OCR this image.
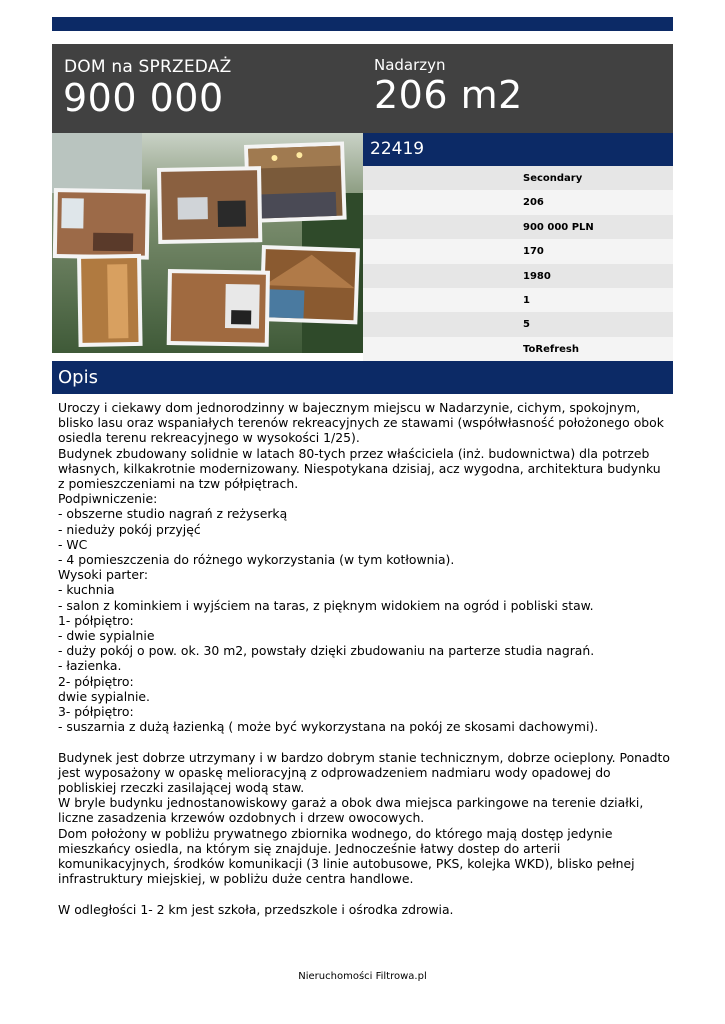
DOM na SPRZEDAŻ
900 000
Nadarzyn
206 m2
22419
Secondary
206
900 000 PLN
170
1980
1
5
ToRefresh
Opis
Uroczy i ciekawy dom jednorodzinny w bajecznym miejscu w Nadarzynie, cichym, spokojnym, blisko lasu oraz wspaniałych terenów rekreacyjnych ze stawami (współwłasność położonego obok osiedla terenu rekreacyjnego w wysokości 1/25).
Budynek zbudowany solidnie w latach 80-tych przez właściciela (inż. budownictwa) dla potrzeb własnych, kilkakrotnie modernizowany. Niespotykana dzisiaj, acz wygodna, architektura budynku z pomieszczeniami na tzw półpiętrach.
Podpiwniczenie:
- obszerne studio nagrań z reżyserką
- nieduży pokój przyjęć
- WC
- 4 pomieszczenia do różnego wykorzystania (w tym kotłownia).
Wysoki parter:
- kuchnia
- salon z kominkiem i wyjściem na taras, z pięknym widokiem na ogród i pobliski staw.
1- półpiętro:
- dwie sypialnie
- duży pokój o pow. ok. 30 m2, powstały dzięki zbudowaniu na parterze studia nagrań.
- łazienka.
2- półpiętro:
dwie sypialnie.
3- półpiętro:
- suszarnia z dużą łazienką ( może być wykorzystana na pokój ze skosami dachowymi).

Budynek jest dobrze utrzymany i w bardzo dobrym stanie technicznym, dobrze ocieplony. Ponadto jest wyposażony w opaskę melioracyjną z odprowadzeniem nadmiaru wody opadowej do pobliskiej rzeczki zasilającej wodą staw.
W bryle budynku jednostanowiskowy garaż a obok dwa miejsca parkingowe na terenie działki, liczne zasadzenia krzewów ozdobnych i drzew owocowych.
Dom położony w pobliżu prywatnego zbiornika wodnego, do którego mają dostęp jedynie mieszkańcy osiedla, na którym się znajduje. Jednocześnie łatwy dostep do arterii komunikacyjnych, środków komunikacji (3 linie autobusowe, PKS, kolejka WKD), blisko pełnej infrastruktury miejskiej, w pobliżu duże centra handlowe.

W odległości 1- 2 km jest szkoła, przedszkole i ośrodka zdrowia.
Nieruchomości Filtrowa.pl
